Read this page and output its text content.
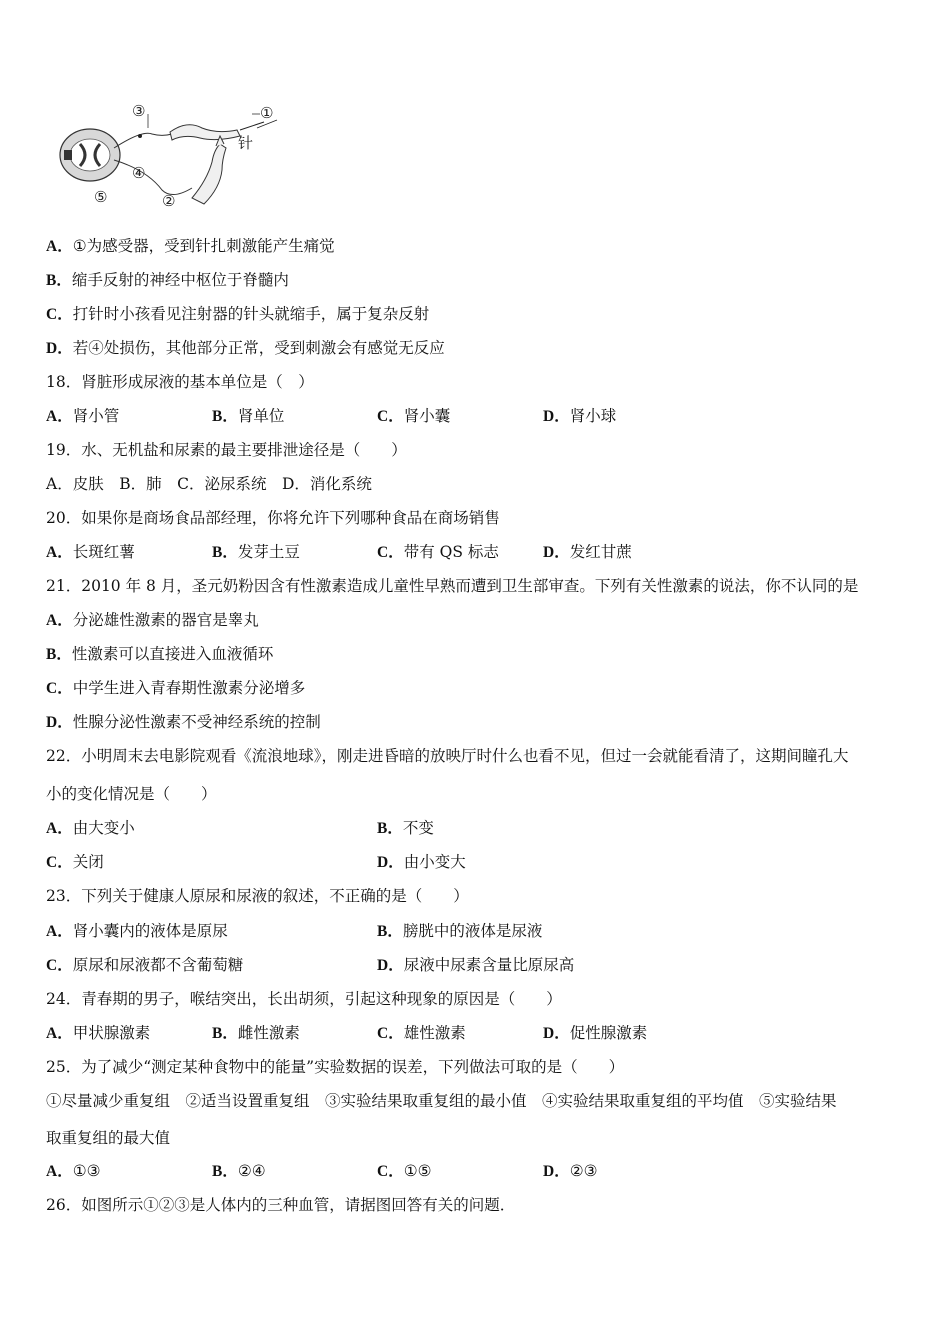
③	①
针
④
⑤	②
A．①为感受器，受到针扎刺激能产生痛觉
B．缩手反射的神经中枢位于脊髓内
C．打针时小孩看见注射器的针头就缩手，属于复杂反射
D．若④处损伤，其他部分正常，受到刺激会有感觉无反应
18．肾脏形成尿液的基本单位是（　）
A．肾小管	B．肾单位	C．肾小囊	D．肾小球
19．水、无机盐和尿素的最主要排泄途径是（　　）
A．皮肤　B．肺　C．泌尿系统　D．消化系统
20．如果你是商场食品部经理，你将允许下列哪种食品在商场销售
A．长斑红薯	B．发芽土豆	C．带有 QS 标志	D．发红甘蔗
21．2010 年 8 月，圣元奶粉因含有性激素造成儿童性早熟而遭到卫生部审查。下列有关性激素的说法，你不认同的是
A．分泌雄性激素的器官是睾丸
B．性激素可以直接进入血液循环
C．中学生进入青春期性激素分泌增多
D．性腺分泌性激素不受神经系统的控制
22．小明周末去电影院观看《流浪地球》，刚走进昏暗的放映厅时什么也看不见，但过一会就能看清了，这期间瞳孔大
小的变化情况是（　　）
A．由大变小	B．不变
C．关闭	D．由小变大
23．下列关于健康人原尿和尿液的叙述，不正确的是（　　）
A．肾小囊内的液体是原尿	B．膀胱中的液体是尿液
C．原尿和尿液都不含葡萄糖	D．尿液中尿素含量比原尿高
24．青春期的男子，喉结突出，长出胡须，引起这种现象的原因是（　　）
A．甲状腺激素	B．雌性激素	C．雄性激素	D．促性腺激素
25．为了减少“测定某种食物中的能量”实验数据的误差，下列做法可取的是（　　）
①尽量减少重复组　②适当设置重复组　③实验结果取重复组的最小值　④实验结果取重复组的平均值　⑤实验结果
取重复组的最大值
A．①③	B．②④	C．①⑤	D．②③
26．如图所示①②③是人体内的三种血管，请据图回答有关的问题．
